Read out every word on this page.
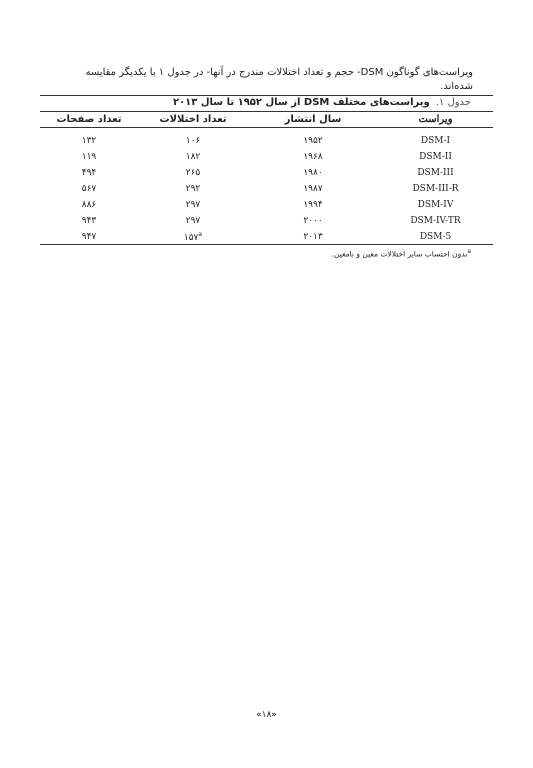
ویراست‌های گوناگون DSM- حجم و تعداد اختلالات مندرج در آنها- در جدول ۱ با یکدیگر مقایسه شده‌اند.
جدول ۱.
ویراست‌های مختلف DSM از سال ۱۹۵۲ تا سال ۲۰۱۳
ویراست	سال انتشار	تعداد اختلالات	تعداد صفحات
DSM-I	۱۹۵۲	۱۰۶	۱۳۲
DSM-II	۱۹۶۸	۱۸۲	۱۱۹
DSM-III	۱۹۸۰	۲۶۵	۴۹۴
DSM-III-R	۱۹۸۷	۲۹۲	۵۶۷
DSM-IV	۱۹۹۴	۲۹۷	۸۸۶
DSM-IV-TR	۲۰۰۰	۲۹۷	۹۴۳
DSM-5	۲۰۱۳	۱۵۷$^a$	۹۴۷
$^a$بدون احتساب سایر اختلالات معین و نامعین.
«۱۸»
